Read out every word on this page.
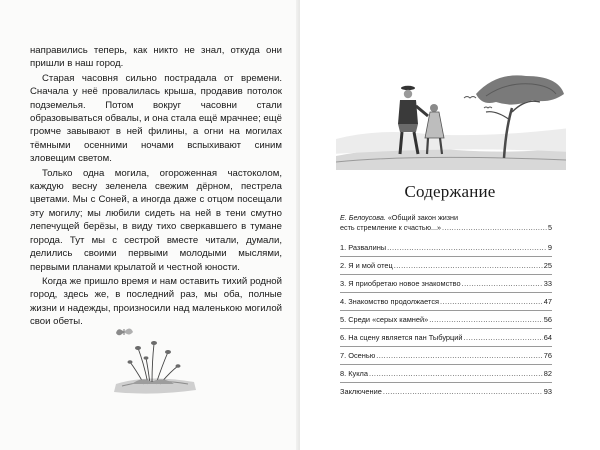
направились теперь, как никто не знал, откуда они пришли в наш город.

Старая часовня сильно пострадала от времени. Сначала у неё провалилась крыша, продавив потолок подземелья. Потом вокруг часовни стали образовываться обвалы, и она стала ещё мрачнее; ещё громче завывают в ней филины, а огни на могилах тёмными осенними ночами вспыхивают синим зловещим светом.

Только одна могила, огороженная частоколом, каждую весну зеленела свежим дёрном, пестрела цветами. Мы с Соней, а иногда даже с отцом посещали эту могилу; мы любили сидеть на ней в тени смутно лепечущей берёзы, в виду тихо сверкавшего в тумане города. Тут мы с сестрой вместе читали, думали, делились своими первыми молодыми мыслями, первыми планами крылатой и честной юности.

Когда же пришло время и нам оставить тихий родной город, здесь же, в последний раз, мы оба, полные жизни и надежды, произносили над маленькою могилой свои обеты.

Содержание
Е. Белоусова. «Общий закон жизни
есть стремление к счастью...» .....	5
1. Развалины .....	9
2. Я и мой отец .....	25
3. Я приобретаю новое знакомство .....	33
4. Знакомство продолжается .....	47
5. Среди «серых камней» .....	56
6. На сцену является пан Тыбурций .....	64
7. Осенью .....	76
8. Кукла .....	82
Заключение .....	93
